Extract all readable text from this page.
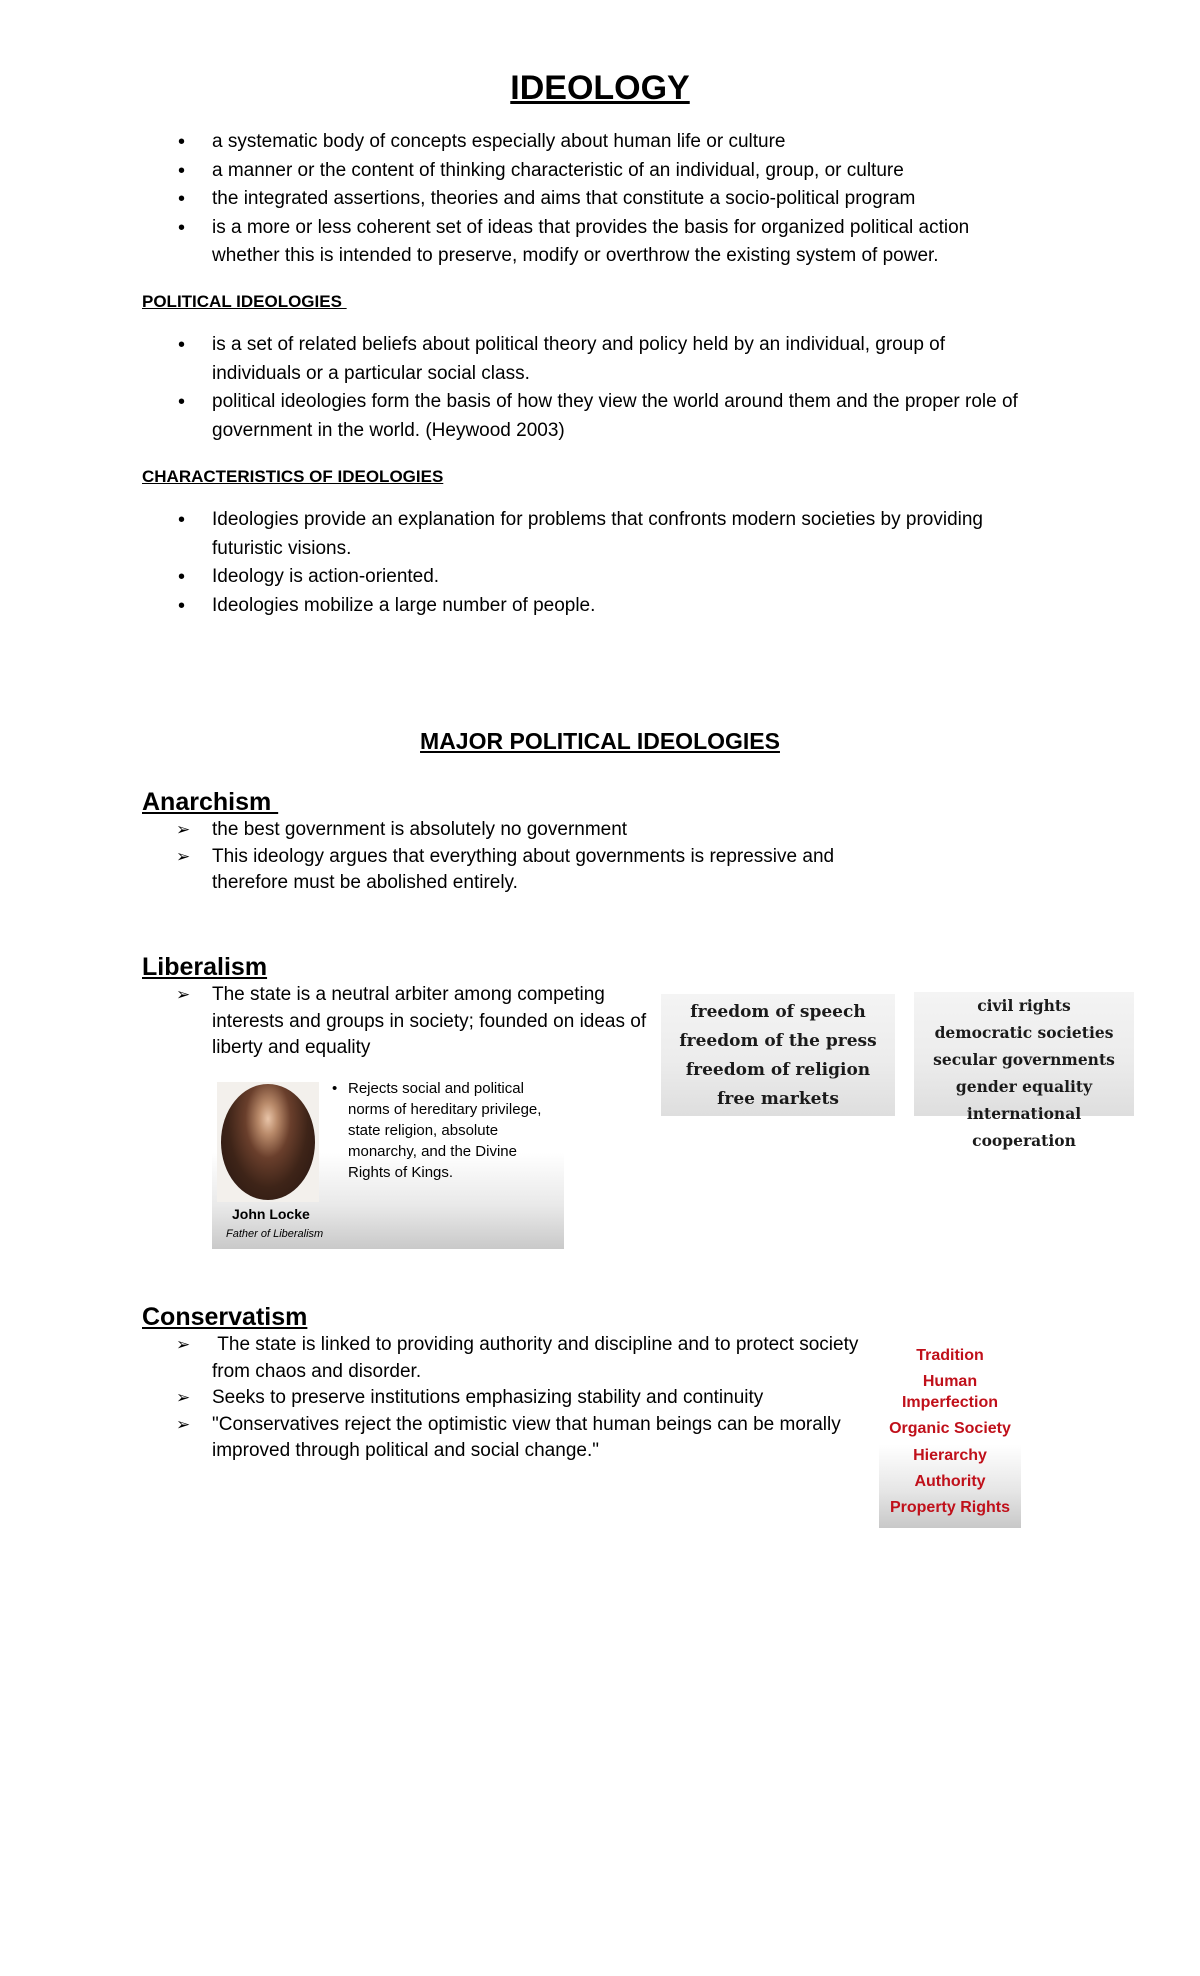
IDEOLOGY
• a systematic body of concepts especially about human life or culture
• a manner or the content of thinking characteristic of an individual, group, or culture
• the integrated assertions, theories and aims that constitute a socio-political program
• is a more or less coherent set of ideas that provides the basis for organized political action whether this is intended to preserve, modify or overthrow the existing system of power.
POLITICAL IDEOLOGIES
• is a set of related beliefs about political theory and policy held by an individual, group of individuals or a particular social class.
• political ideologies form the basis of how they view the world around them and the proper role of government in the world. (Heywood 2003)
CHARACTERISTICS OF IDEOLOGIES
• Ideologies provide an explanation for problems that confronts modern societies by providing futuristic visions.
• Ideology is action-oriented.
• Ideologies mobilize a large number of people.
MAJOR POLITICAL IDEOLOGIES
Anarchism
➢ the best government is absolutely no government
➢ This ideology argues that everything about governments is repressive and therefore must be abolished entirely.
Liberalism
➢ The state is a neutral arbiter among competing interests and groups in society; founded on ideas of liberty and equality
freedom of speech
freedom of the press
freedom of religion
free markets
civil rights
democratic societies
secular governments
gender equality
international cooperation
• Rejects social and political norms of hereditary privilege, state religion, absolute monarchy, and the Divine Rights of Kings.
John Locke
Father of Liberalism
Conservatism
➢  The state is linked to providing authority and discipline and to protect society from chaos and disorder.
➢ Seeks to preserve institutions emphasizing stability and continuity
➢ "Conservatives reject the optimistic view that human beings can be morally improved through political and social change."
Tradition
Human Imperfection
Organic Society
Hierarchy
Authority
Property Rights
